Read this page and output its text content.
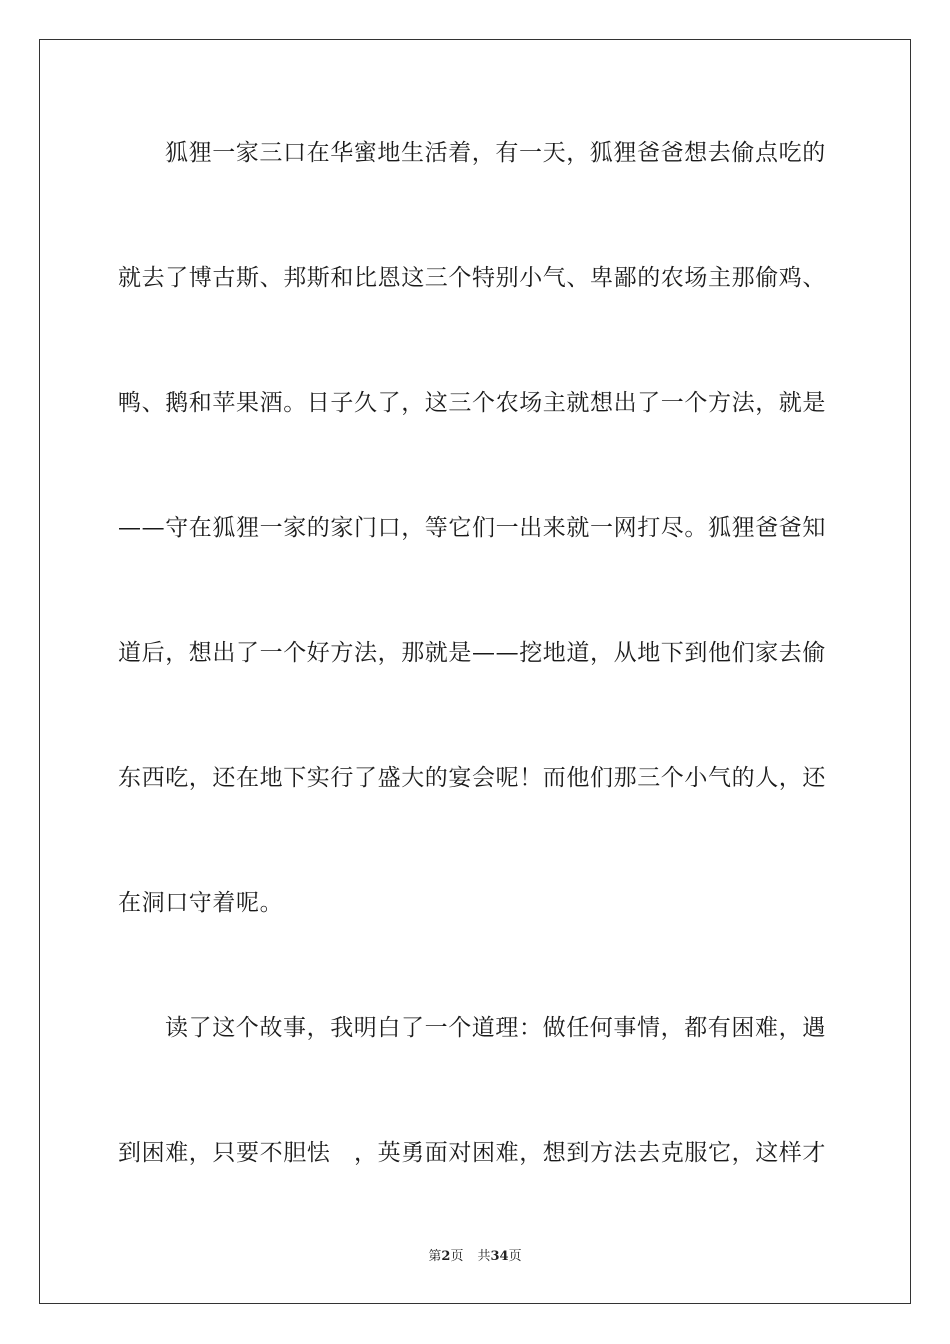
狐狸一家三口在华蜜地生活着，有一天，狐狸爸爸想去偷点吃的
就去了博古斯、邦斯和比恩这三个特别小气、卑鄙的农场主那偷鸡、
鸭、鹅和苹果酒。日子久了，这三个农场主就想出了一个方法，就是
——守在狐狸一家的家门口，等它们一出来就一网打尽。狐狸爸爸知
道后，想出了一个好方法，那就是——挖地道，从地下到他们家去偷
东西吃，还在地下实行了盛大的宴会呢！而他们那三个小气的人，还
在洞口守着呢。
读了这个故事，我明白了一个道理：做任何事情，都有困难，遇
到困难，只要不胆怯　，英勇面对困难，想到方法去克服它，这样才
第2页 共34页
